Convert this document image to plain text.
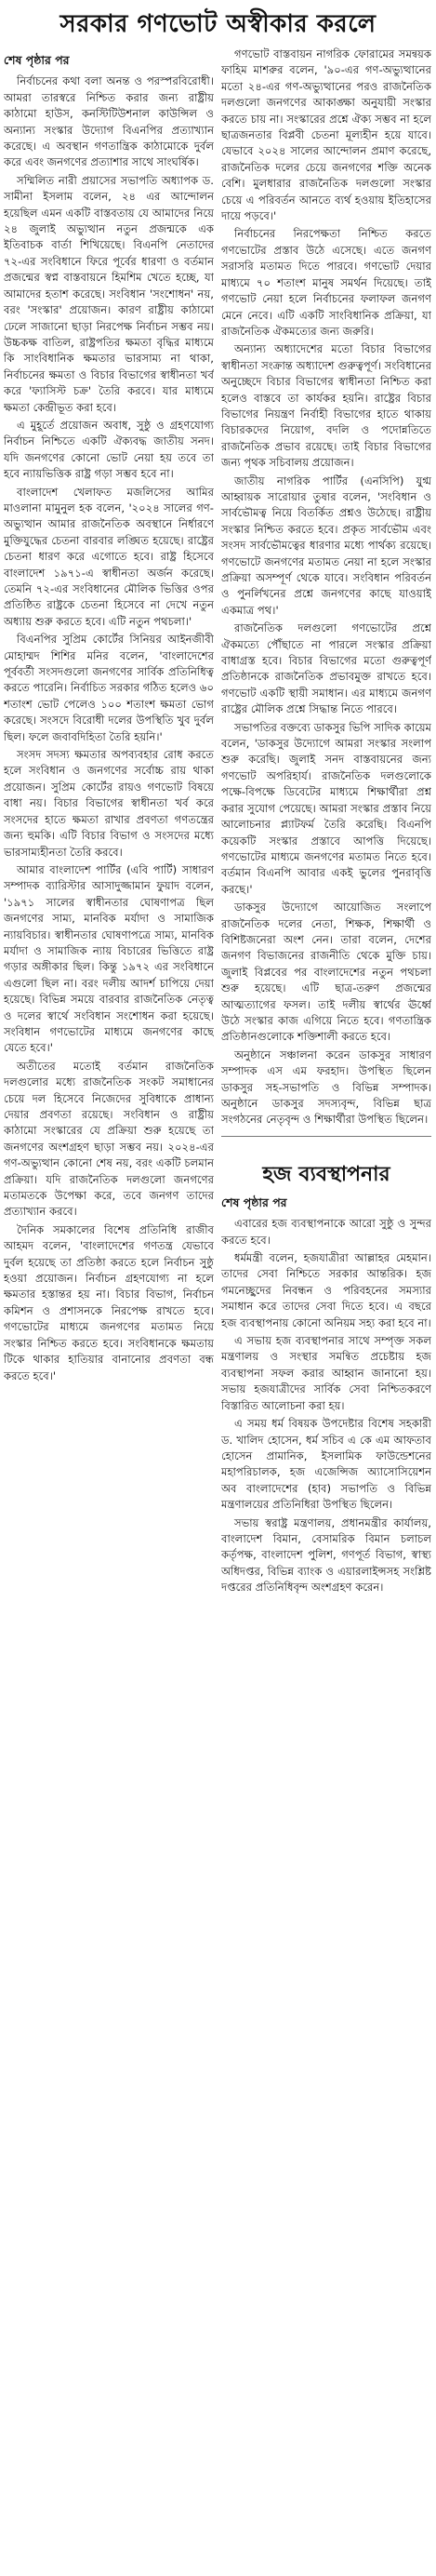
সরকার গণভোট অস্বীকার করলে
শেষ পৃষ্ঠার পর

নির্বাচনের কথা বলা অনন্ত ও পরস্পরবিরোধী। আমরা তারস্বরে নিশ্চিত করার জন্য রাষ্ট্রীয় কাঠামো হাউস, কনস্টিটিউশনাল কাউন্সিল ও অন্যান্য সংস্কার উদ্যোগ বিএনপির প্রত্যাখ্যান করেছে। এ অবস্থান গণতান্ত্রিক কাঠামোকে দুর্বল করে এবং জনগণের প্রত্যাশার সাথে সাংঘর্ষিক।

সম্মিলিত নারী প্রয়াসের সভাপতি অধ্যাপক ড. সামীনা ইসলাম বলেন, ২৪ এর আন্দোলন হয়েছিল এমন একটি বাস্তবতায় যে আমাদের নিয়ে ২৪ জুলাই অভ্যুত্থান নতুন প্রজন্মকে এক ইতিবাচক বার্তা শিখিয়েছে। বিএনপি নেতাদের ৭২-এর সংবিধানে ফিরে পূর্বের ধারণা ও বর্তমান প্রজন্মের স্বপ্ন বাস্তবায়নে হিমশিম খেতে হচ্ছে, যা আমাদের হতাশ করেছে। সংবিধান 'সংশোধন' নয়, বরং 'সংস্কার' প্রয়োজন। কারণ রাষ্ট্রীয় কাঠামো ঢেলে সাজানো ছাড়া নিরপেক্ষ নির্বাচন সম্ভব নয়। উচ্চকক্ষ বাতিল, রাষ্ট্রপতির ক্ষমতা বৃদ্ধির মাধ্যমে কি সাংবিধানিক ক্ষমতার ভারসাম্য না থাকা, নির্বাচনের ক্ষমতা ও বিচার বিভাগের স্বাধীনতা খর্ব করে 'ফ্যাসিস্ট চক্র' তৈরি করবে। যার মাধ্যমে ক্ষমতা কেন্দ্রীভূত করা হবে।

এ মুহূর্তে প্রয়োজন অবাধ, সুষ্ঠু ও গ্রহণযোগ্য নির্বাচন নিশ্চিতে একটি ঐক্যবদ্ধ জাতীয় সনদ। যদি জনগণের কোনো ভোট নেয়া হয় তবে তা হবে ন্যায়ভিত্তিক রাষ্ট্র গড়া সম্ভব হবে না।

বাংলাদেশ খেলাফত মজলিসের আমির মাওলানা মামুনুল হক বলেন, '২০২৪ সালের গণ-অভ্যুত্থান আমার রাজনৈতিক অবস্থানে নির্ধারণে মুক্তিযুদ্ধের চেতনা বারবার লঙ্ঘিত হয়েছে। রাষ্ট্রের চেতনা ধারণ করে এগোতে হবে। রাষ্ট্র হিসেবে বাংলাদেশ ১৯৭১-এ স্বাধীনতা অর্জন করেছে। তেমনি ৭২-এর সংবিধানের মৌলিক ভিত্তির ওপর প্রতিষ্ঠিত রাষ্ট্রকে চেতনা হিসেবে না দেখে নতুন অধ্যায় শুরু করতে হবে। এটি নতুন পথচলা।'

বিএনপির সুপ্রিম কোর্টের সিনিয়র আইনজীবী মোহাম্মদ শিশির মনির বলেন, 'বাংলাদেশের পূর্ববর্তী সংসদগুলো জনগণের সার্বিক প্রতিনিধিত্ব করতে পারেনি। নির্বাচিত সরকার গঠিত হলেও ৬০ শতাংশ ভোট পেলেও ১০০ শতাংশ ক্ষমতা ভোগ করেছে। সংসদে বিরোধী দলের উপস্থিতি খুব দুর্বল ছিল। ফলে জবাবদিহিতা তৈরি হয়নি।'

সংসদ সদস্য ক্ষমতার অপব্যবহার রোধ করতে হলে সংবিধান ও জনগণের সর্বোচ্চ রায় থাকা প্রয়োজন। সুপ্রিম কোর্টের রায়ও গণভোট বিষয়ে বাধা নয়। বিচার বিভাগের স্বাধীনতা খর্ব করে সংসদের হাতে ক্ষমতা রাখার প্রবণতা গণতন্ত্রের জন্য হুমকি। এটি বিচার বিভাগ ও সংসদের মধ্যে ভারসাম্যহীনতা তৈরি করবে।

আমার বাংলাদেশ পার্টির (এবি পার্টি) সাধারণ সম্পাদক ব্যারিস্টার আসাদুজ্জামান ফুয়াদ বলেন, '১৯৭১ সালের স্বাধীনতার ঘোষণাপত্র ছিল জনগণের সাম্য, মানবিক মর্যাদা ও সামাজিক ন্যায়বিচার। স্বাধীনতার ঘোষণাপত্রে সাম্য, মানবিক মর্যাদা ও সামাজিক ন্যায় বিচারের ভিত্তিতে রাষ্ট্র গড়ার অঙ্গীকার ছিল। কিন্তু ১৯৭২ এর সংবিধানে এগুলো ছিল না। বরং দলীয় আদর্শ চাপিয়ে দেয়া হয়েছে। বিভিন্ন সময়ে বারবার রাজনৈতিক নেতৃত্ব ও দলের স্বার্থে সংবিধান সংশোধন করা হয়েছে। সংবিধান গণভোটের মাধ্যমে জনগণের কাছে যেতে হবে।'

অতীতের মতোই বর্তমান রাজনৈতিক দলগুলোর মধ্যে রাজনৈতিক সংকট সমাধানের চেয়ে দল হিসেবে নিজেদের সুবিধাকে প্রাধান্য দেয়ার প্রবণতা রয়েছে। সংবিধান ও রাষ্ট্রীয় কাঠামো সংস্কারের যে প্রক্রিয়া শুরু হয়েছে তা জনগণের অংশগ্রহণ ছাড়া সম্ভব নয়। ২০২৪-এর গণ-অভ্যুত্থান কোনো শেষ নয়, বরং একটি চলমান প্রক্রিয়া। যদি রাজনৈতিক দলগুলো জনগণের মতামতকে উপেক্ষা করে, তবে জনগণ তাদের প্রত্যাখ্যান করবে।

দৈনিক সমকালের বিশেষ প্রতিনিধি রাজীব আহমদ বলেন, 'বাংলাদেশের গণতন্ত্র যেভাবে দুর্বল হয়েছে তা প্রতিষ্ঠা করতে হলে নির্বাচন সুষ্ঠু হওয়া প্রয়োজন। নির্বাচন গ্রহণযোগ্য না হলে ক্ষমতার হস্তান্তর হয় না। বিচার বিভাগ, নির্বাচন কমিশন ও প্রশাসনকে নিরপেক্ষ রাখতে হবে। গণভোটের মাধ্যমে জনগণের মতামত নিয়ে সংস্কার নিশ্চিত করতে হবে। সংবিধানকে ক্ষমতায় টিকে থাকার হাতিয়ার বানানোর প্রবণতা বন্ধ করতে হবে।'

গণভোট বাস্তবায়ন নাগরিক ফোরামের সমন্বয়ক ফাহিম মাশরুর বলেন, '৯০-এর গণ-অভ্যুত্থানের মতো ২৪-এর গণ-অভ্যুত্থানের পরও রাজনৈতিক দলগুলো জনগণের আকাঙ্ক্ষা অনুযায়ী সংস্কার করতে চায় না। সংস্কারের প্রশ্নে ঐক্য সম্ভব না হলে ছাত্রজনতার বিপ্লবী চেতনা মূল্যহীন হয়ে যাবে। যেভাবে ২০২৪ সালের আন্দোলন প্রমাণ করেছে, রাজনৈতিক দলের চেয়ে জনগণের শক্তি অনেক বেশি। মুলধারার রাজনৈতিক দলগুলো সংস্কার চেয়ে এ পরিবর্তন আনতে ব্যর্থ হওয়ায় ইতিহাসের দায়ে পড়বে।'

নির্বাচনের নিরপেক্ষতা নিশ্চিত করতে গণভোটের প্রস্তাব উঠে এসেছে। এতে জনগণ সরাসরি মতামত দিতে পারবে। গণভোট দেয়ার মাধ্যমে ৭০ শতাংশ মানুষ সমর্থন দিয়েছে। তাই গণভোট নেয়া হলে নির্বাচনের ফলাফল জনগণ মেনে নেবে। এটি একটি সাংবিধানিক প্রক্রিয়া, যা রাজনৈতিক ঐকমত্যের জন্য জরুরি।

অন্যান্য অধ্যাদেশের মতো বিচার বিভাগের স্বাধীনতা সংক্রান্ত অধ্যাদেশ গুরুত্বপূর্ণ। সংবিধানের অনুচ্ছেদে বিচার বিভাগের স্বাধীনতা নিশ্চিত করা হলেও বাস্তবে তা কার্যকর হয়নি। রাষ্ট্রের বিচার বিভাগের নিয়ন্ত্রণ নির্বাহী বিভাগের হাতে থাকায় বিচারকদের নিয়োগ, বদলি ও পদোন্নতিতে রাজনৈতিক প্রভাব রয়েছে। তাই বিচার বিভাগের জন্য পৃথক সচিবালয় প্রয়োজন।

জাতীয় নাগরিক পার্টির (এনসিপি) যুগ্ম আহ্বায়ক সারোয়ার তুষার বলেন, 'সংবিধান ও সার্বভৌমত্ব নিয়ে বিতর্কিত প্রশ্নও উঠেছে। রাষ্ট্রীয় সংস্কার নিশ্চিত করতে হবে। প্রকৃত সার্বভৌম এবং সংসদ সার্বভৌমত্বের ধারণার মধ্যে পার্থক্য রয়েছে। গণভোটে জনগণের মতামত নেয়া না হলে সংস্কার প্রক্রিয়া অসম্পূর্ণ থেকে যাবে। সংবিধান পরিবর্তন ও পুনর্লিখনের প্রশ্নে জনগণের কাছে যাওয়াই একমাত্র পথ।'

রাজনৈতিক দলগুলো গণভোটের প্রশ্নে ঐকমত্যে পৌঁছাতে না পারলে সংস্কার প্রক্রিয়া বাধাগ্রস্ত হবে। বিচার বিভাগের মতো গুরুত্বপূর্ণ প্রতিষ্ঠানকে রাজনৈতিক প্রভাবমুক্ত রাখতে হবে। গণভোট একটি স্থায়ী সমাধান। এর মাধ্যমে জনগণ রাষ্ট্রের মৌলিক প্রশ্নে সিদ্ধান্ত নিতে পারবে।

সভাপতির বক্তব্যে ডাকসুর ভিপি সাদিক কায়েম বলেন, 'ডাকসুর উদ্যোগে আমরা সংস্কার সংলাপ শুরু করেছি। জুলাই সনদ বাস্তবায়নের জন্য গণভোট অপরিহার্য। রাজনৈতিক দলগুলোকে পক্ষে-বিপক্ষে ডিবেটের মাধ্যমে শিক্ষার্থীরা প্রশ্ন করার সুযোগ পেয়েছে। আমরা সংস্কার প্রস্তাব নিয়ে আলোচনার প্ল্যাটফর্ম তৈরি করেছি। বিএনপি কয়েকটি সংস্কার প্রস্তাবে আপত্তি দিয়েছে। গণভোটের মাধ্যমে জনগণের মতামত নিতে হবে। বর্তমান বিএনপি আবার একই ভুলের পুনরাবৃত্তি করছে।'

ডাকসুর উদ্যোগে আয়োজিত সংলাপে রাজনৈতিক দলের নেতা, শিক্ষক, শিক্ষার্থী ও বিশিষ্টজনেরা অংশ নেন। তারা বলেন, দেশের জনগণ বিভাজনের রাজনীতি থেকে মুক্তি চায়। জুলাই বিপ্লবের পর বাংলাদেশের নতুন পথচলা শুরু হয়েছে। এটি ছাত্র-তরুণ প্রজন্মের আত্মত্যাগের ফসল। তাই দলীয় স্বার্থের ঊর্ধ্বে উঠে সংস্কার কাজ এগিয়ে নিতে হবে। গণতান্ত্রিক প্রতিষ্ঠানগুলোকে শক্তিশালী করতে হবে।

অনুষ্ঠানে সঞ্চালনা করেন ডাকসুর সাধারণ সম্পাদক এস এম ফরহাদ। উপস্থিত ছিলেন ডাকসুর সহ-সভাপতি ও বিভিন্ন সম্পাদক। অনুষ্ঠানে ডাকসুর সদস্যবৃন্দ, বিভিন্ন ছাত্র সংগঠনের নেতৃবৃন্দ ও শিক্ষার্থীরা উপস্থিত ছিলেন।

হজ ব্যবস্থাপনার
শেষ পৃষ্ঠার পর

এবারের হজ ব্যবস্থাপনাকে আরো সুষ্ঠু ও সুন্দর করতে হবে।

ধর্মমন্ত্রী বলেন, হজযাত্রীরা আল্লাহর মেহমান। তাদের সেবা নিশ্চিতে সরকার আন্তরিক। হজ গমনেচ্ছুদের নিবন্ধন ও পরিবহনের সমস্যার সমাধান করে তাদের সেবা দিতে হবে। এ বছরে হজ ব্যবস্থাপনায় কোনো অনিয়ম সহ্য করা হবে না।

এ সভায় হজ ব্যবস্থাপনার সাথে সম্পৃক্ত সকল মন্ত্রণালয় ও সংস্থার সমন্বিত প্রচেষ্টায় হজ ব্যবস্থাপনা সফল করার আহ্বান জানানো হয়। সভায় হজযাত্রীদের সার্বিক সেবা নিশ্চিতকরণে বিস্তারিত আলোচনা করা হয়।

এ সময় ধর্ম বিষয়ক উপদেষ্টার বিশেষ সহকারী ড. খালিদ হোসেন, ধর্ম সচিব এ কে এম আফতাব হোসেন প্রামানিক, ইসলামিক ফাউন্ডেশনের মহাপরিচালক, হজ এজেন্সিজ অ্যাসোসিয়েশন অব বাংলাদেশের (হাব) সভাপতি ও বিভিন্ন মন্ত্রণালয়ের প্রতিনিধিরা উপস্থিত ছিলেন।

সভায় স্বরাষ্ট্র মন্ত্রণালয়, প্রধানমন্ত্রীর কার্যালয়, বাংলাদেশ বিমান, বেসামরিক বিমান চলাচল কর্তৃপক্ষ, বাংলাদেশ পুলিশ, গণপূর্ত বিভাগ, স্বাস্থ্য অধিদপ্তর, বিভিন্ন ব্যাংক ও এয়ারলাইন্সসহ সংশ্লিষ্ট দপ্তরের প্রতিনিধিবৃন্দ অংশগ্রহণ করেন।
